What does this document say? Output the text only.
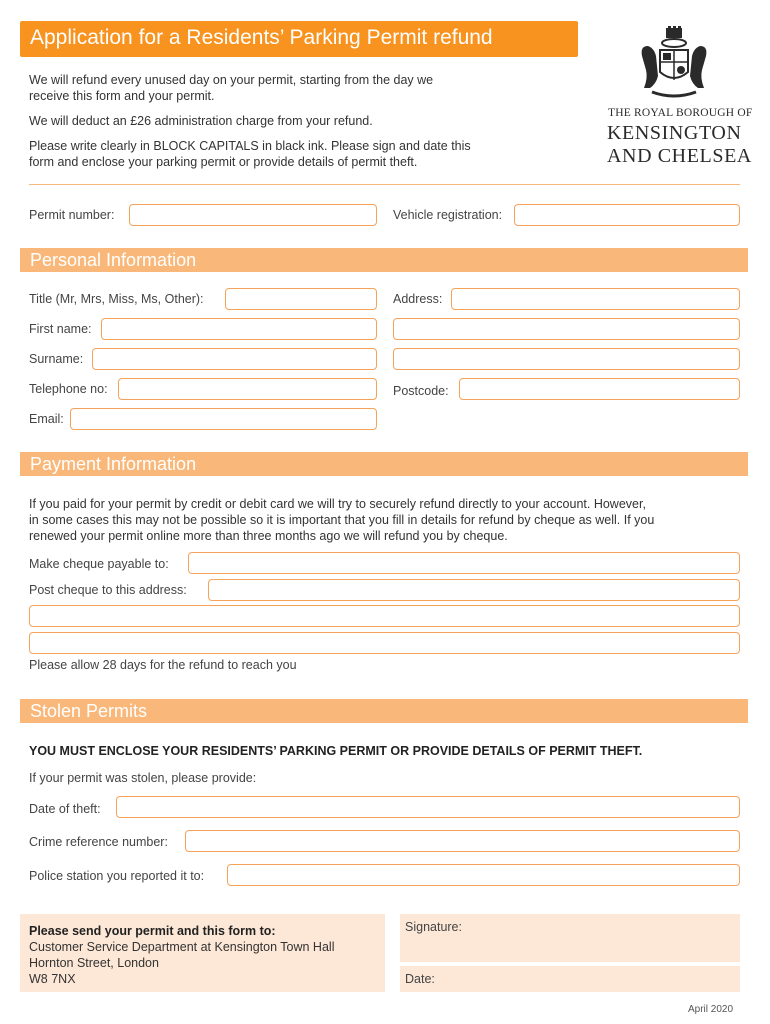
Application for a Residents’ Parking Permit refund
We will refund every unused day on your permit, starting from the day we
receive this form and your permit.
We will deduct an £26 administration charge from your refund.
Please write clearly in BLOCK CAPITALS in black ink. Please sign and date this
form and enclose your parking permit or provide details of permit theft.
THE ROYAL BOROUGH OF
KENSINGTON
AND CHELSEA
Permit number:	Vehicle registration:
Personal Information
Title (Mr, Mrs, Miss, Ms, Other):	Address:
First name:
Surname:
Telephone no:	Postcode:
Email:
Payment Information
If you paid for your permit by credit or debit card we will try to securely refund directly to your account. However,
in some cases this may not be possible so it is important that you fill in details for refund by cheque as well. If you
renewed your permit online more than three months ago we will refund you by cheque.
Make cheque payable to:
Post cheque to this address:
Please allow 28 days for the refund to reach you
Stolen Permits
YOU MUST ENCLOSE YOUR RESIDENTS’ PARKING PERMIT OR PROVIDE DETAILS OF PERMIT THEFT.
If your permit was stolen, please provide:
Date of theft:
Crime reference number:
Police station you reported it to:
Please send your permit and this form to:
Customer Service Department at Kensington Town Hall
Hornton Street, London
W8 7NX
Signature:
Date:
April 2020
